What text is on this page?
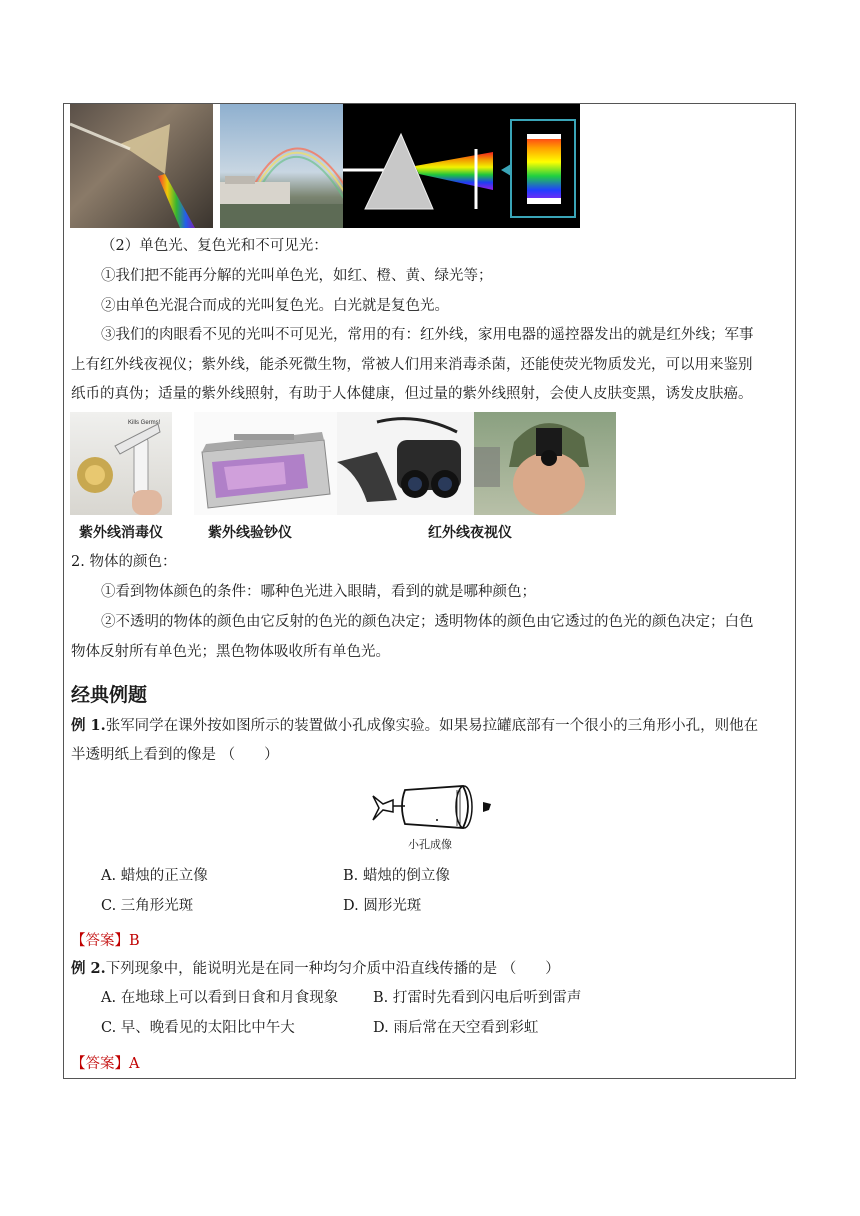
（2）单色光、复色光和不可见光：
①我们把不能再分解的光叫单色光，如红、橙、黄、绿光等；
②由单色光混合而成的光叫复色光。白光就是复色光。
③我们的肉眼看不见的光叫不可见光，常用的有：红外线，家用电器的遥控器发出的就是红外线；军事
上有红外线夜视仪；紫外线，能杀死微生物，常被人们用来消毒杀菌，还能使荧光物质发光，可以用来鉴别
纸币的真伪；适量的紫外线照射，有助于人体健康，但过量的紫外线照射，会使人皮肤变黑，诱发皮肤癌。
Kills Germs!
紫外线消毒仪	紫外线验钞仪	红外线夜视仪
2. 物体的颜色：
①看到物体颜色的条件：哪种色光进入眼睛，看到的就是哪种颜色；
②不透明的物体的颜色由它反射的色光的颜色决定；透明物体的颜色由它透过的色光的颜色决定；白色
物体反射所有单色光；黑色物体吸收所有单色光。
经典例题
例 1.张军同学在课外按如图所示的装置做小孔成像实验。如果易拉罐底部有一个很小的三角形小孔，则他在
半透明纸上看到的像是 （　　）
小孔成像
A. 蜡烛的正立像	B. 蜡烛的倒立像
C. 三角形光斑	D. 圆形光斑
【答案】B
例 2.下列现象中，能说明光是在同一种均匀介质中沿直线传播的是 （　　）
A. 在地球上可以看到日食和月食现象 B. 打雷时先看到闪电后听到雷声
C. 早、晚看见的太阳比中午大	D. 雨后常在天空看到彩虹
【答案】A
